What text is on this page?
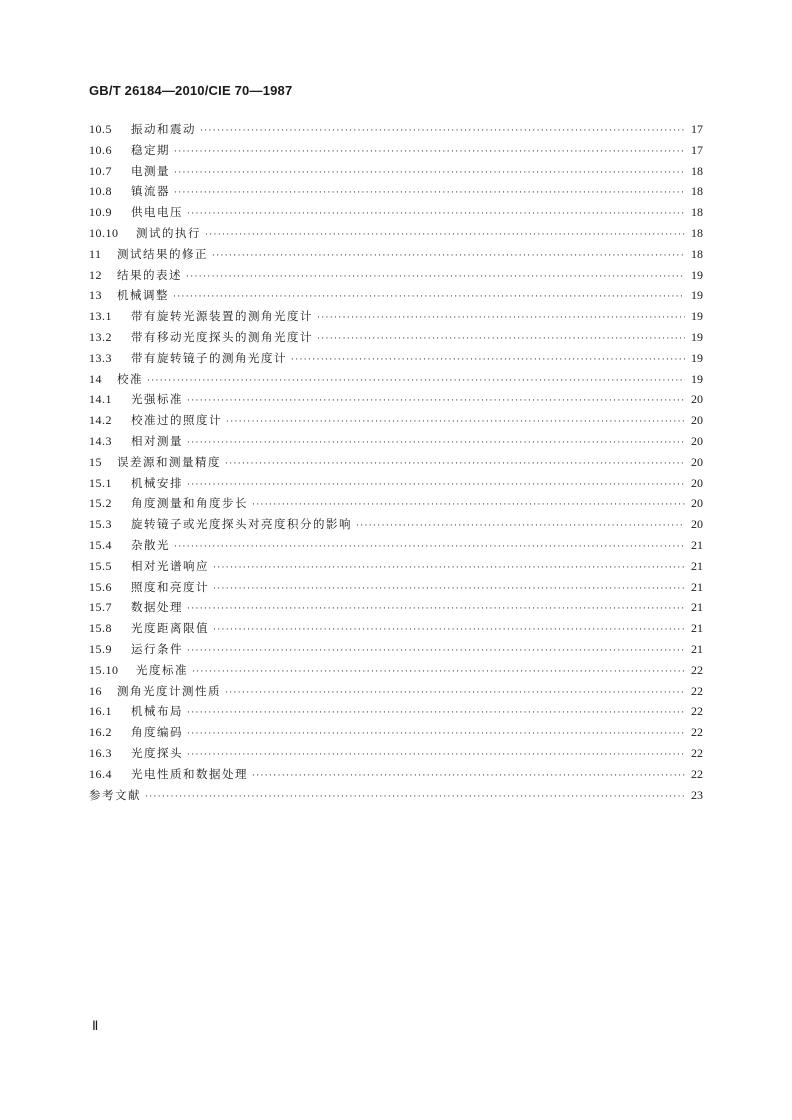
GB/T 26184—2010/CIE 70—1987
10.5	振动和震动 ·····	17
10.6	稳定期 ·····	17
10.7	电测量 ·····	18
10.8	镇流器 ·····	18
10.9	供电电压 ·····	18
10.10	测试的执行 ·····	18
11	测试结果的修正 ·····	18
12	结果的表述 ·····	19
13	机械调整 ·····	19
13.1	带有旋转光源装置的测角光度计 ·····	19
13.2	带有移动光度探头的测角光度计 ·····	19
13.3	带有旋转镜子的测角光度计 ·····	19
14	校准 ·····	19
14.1	光强标准 ·····	20
14.2	校准过的照度计 ·····	20
14.3	相对测量 ·····	20
15	误差源和测量精度 ·····	20
15.1	机械安排 ·····	20
15.2	角度测量和角度步长 ·····	20
15.3	旋转镜子或光度探头对亮度积分的影响 ·····	20
15.4	杂散光 ·····	21
15.5	相对光谱响应 ·····	21
15.6	照度和亮度计 ·····	21
15.7	数据处理 ·····	21
15.8	光度距离限值 ·····	21
15.9	运行条件 ·····	21
15.10	光度标准 ·····	22
16	测角光度计测性质 ·····	22
16.1	机械布局 ·····	22
16.2	角度编码 ·····	22
16.3	光度探头 ·····	22
16.4	光电性质和数据处理 ·····	22
参考文献 ·····	23
Ⅱ
